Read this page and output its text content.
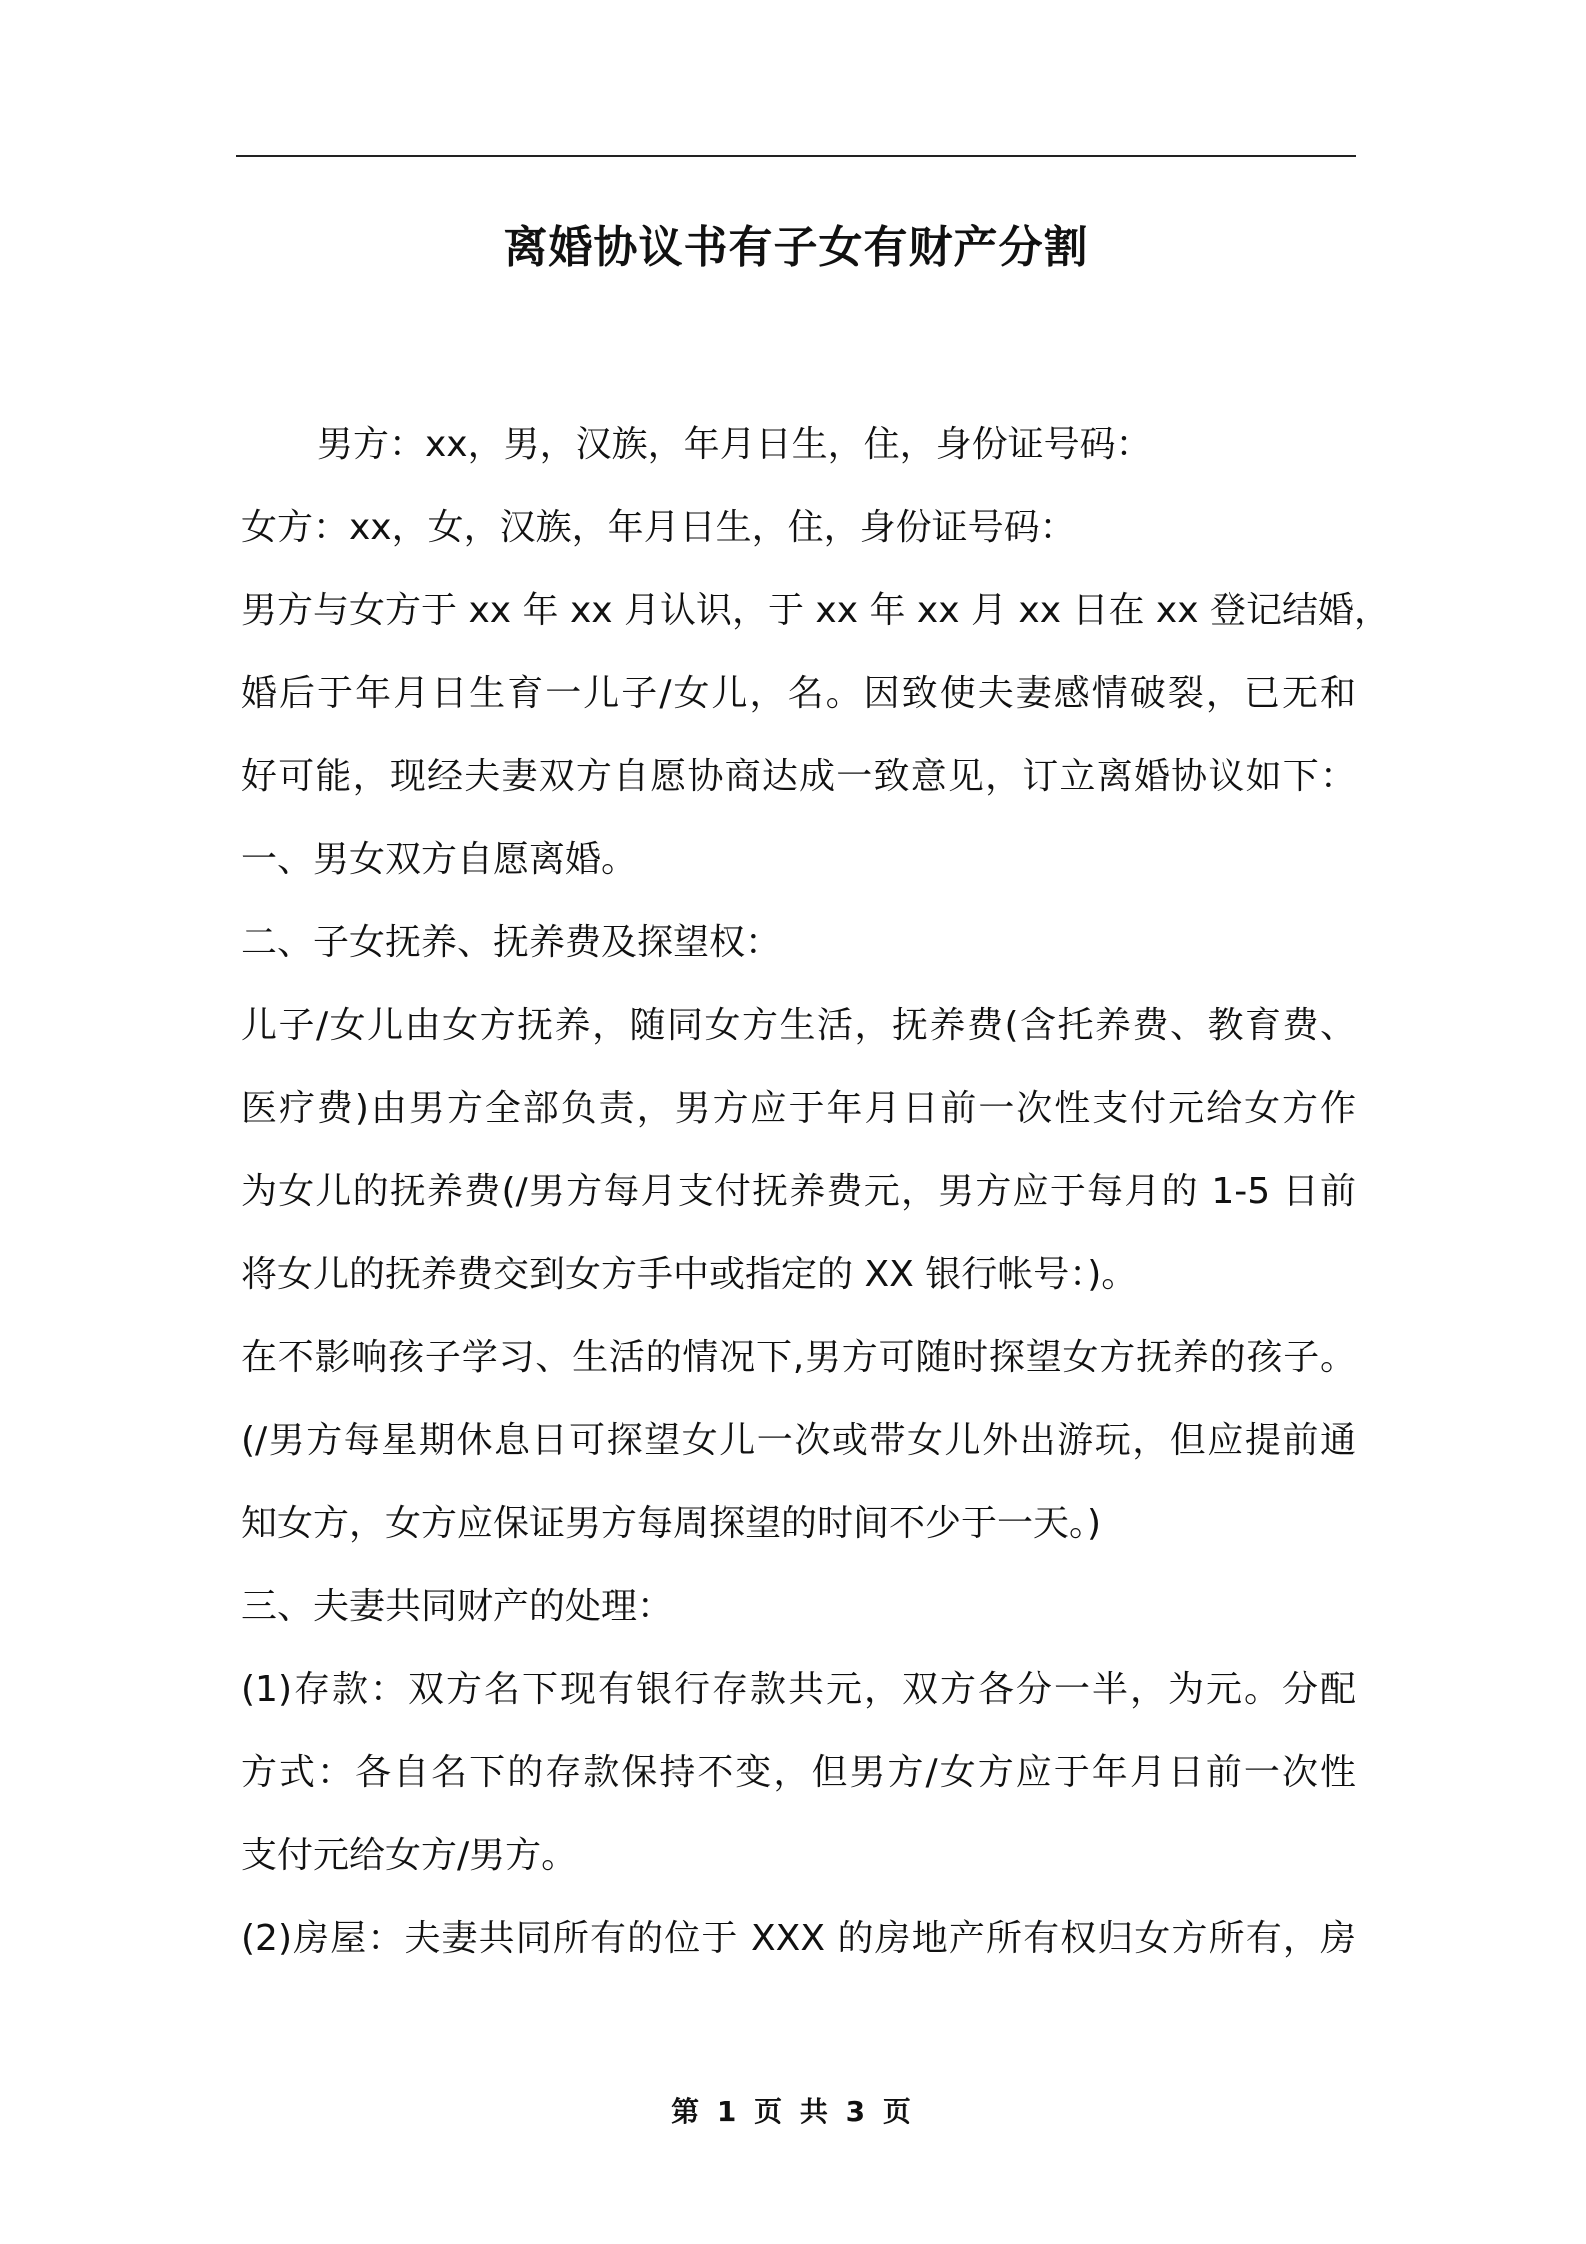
离婚协议书有子女有财产分割
男方：xx，男，汉族，年月日生，住，身份证号码：
女方：xx，女，汉族，年月日生，住，身份证号码：
男方与女方于 xx 年 xx 月认识，于 xx 年 xx 月 xx 日在 xx 登记结婚，
婚后于年月日生育一儿子/女儿，名。因致使夫妻感情破裂，已无和
好可能，现经夫妻双方自愿协商达成一致意见，订立离婚协议如下：
一、男女双方自愿离婚。
二、子女抚养、抚养费及探望权：
儿子/女儿由女方抚养，随同女方生活，抚养费(含托养费、教育费、
医疗费)由男方全部负责，男方应于年月日前一次性支付元给女方作
为女儿的抚养费(/男方每月支付抚养费元，男方应于每月的 1-5 日前
将女儿的抚养费交到女方手中或指定的 XX 银行帐号：)。
在不影响孩子学习、生活的情况下,男方可随时探望女方抚养的孩子。
(/男方每星期休息日可探望女儿一次或带女儿外出游玩，但应提前通
知女方，女方应保证男方每周探望的时间不少于一天。)
三、夫妻共同财产的处理：
(1)存款：双方名下现有银行存款共元，双方各分一半，为元。分配
方式：各自名下的存款保持不变，但男方/女方应于年月日前一次性
支付元给女方/男方。
(2)房屋：夫妻共同所有的位于 XXX 的房地产所有权归女方所有，房
第 1 页 共 3 页
